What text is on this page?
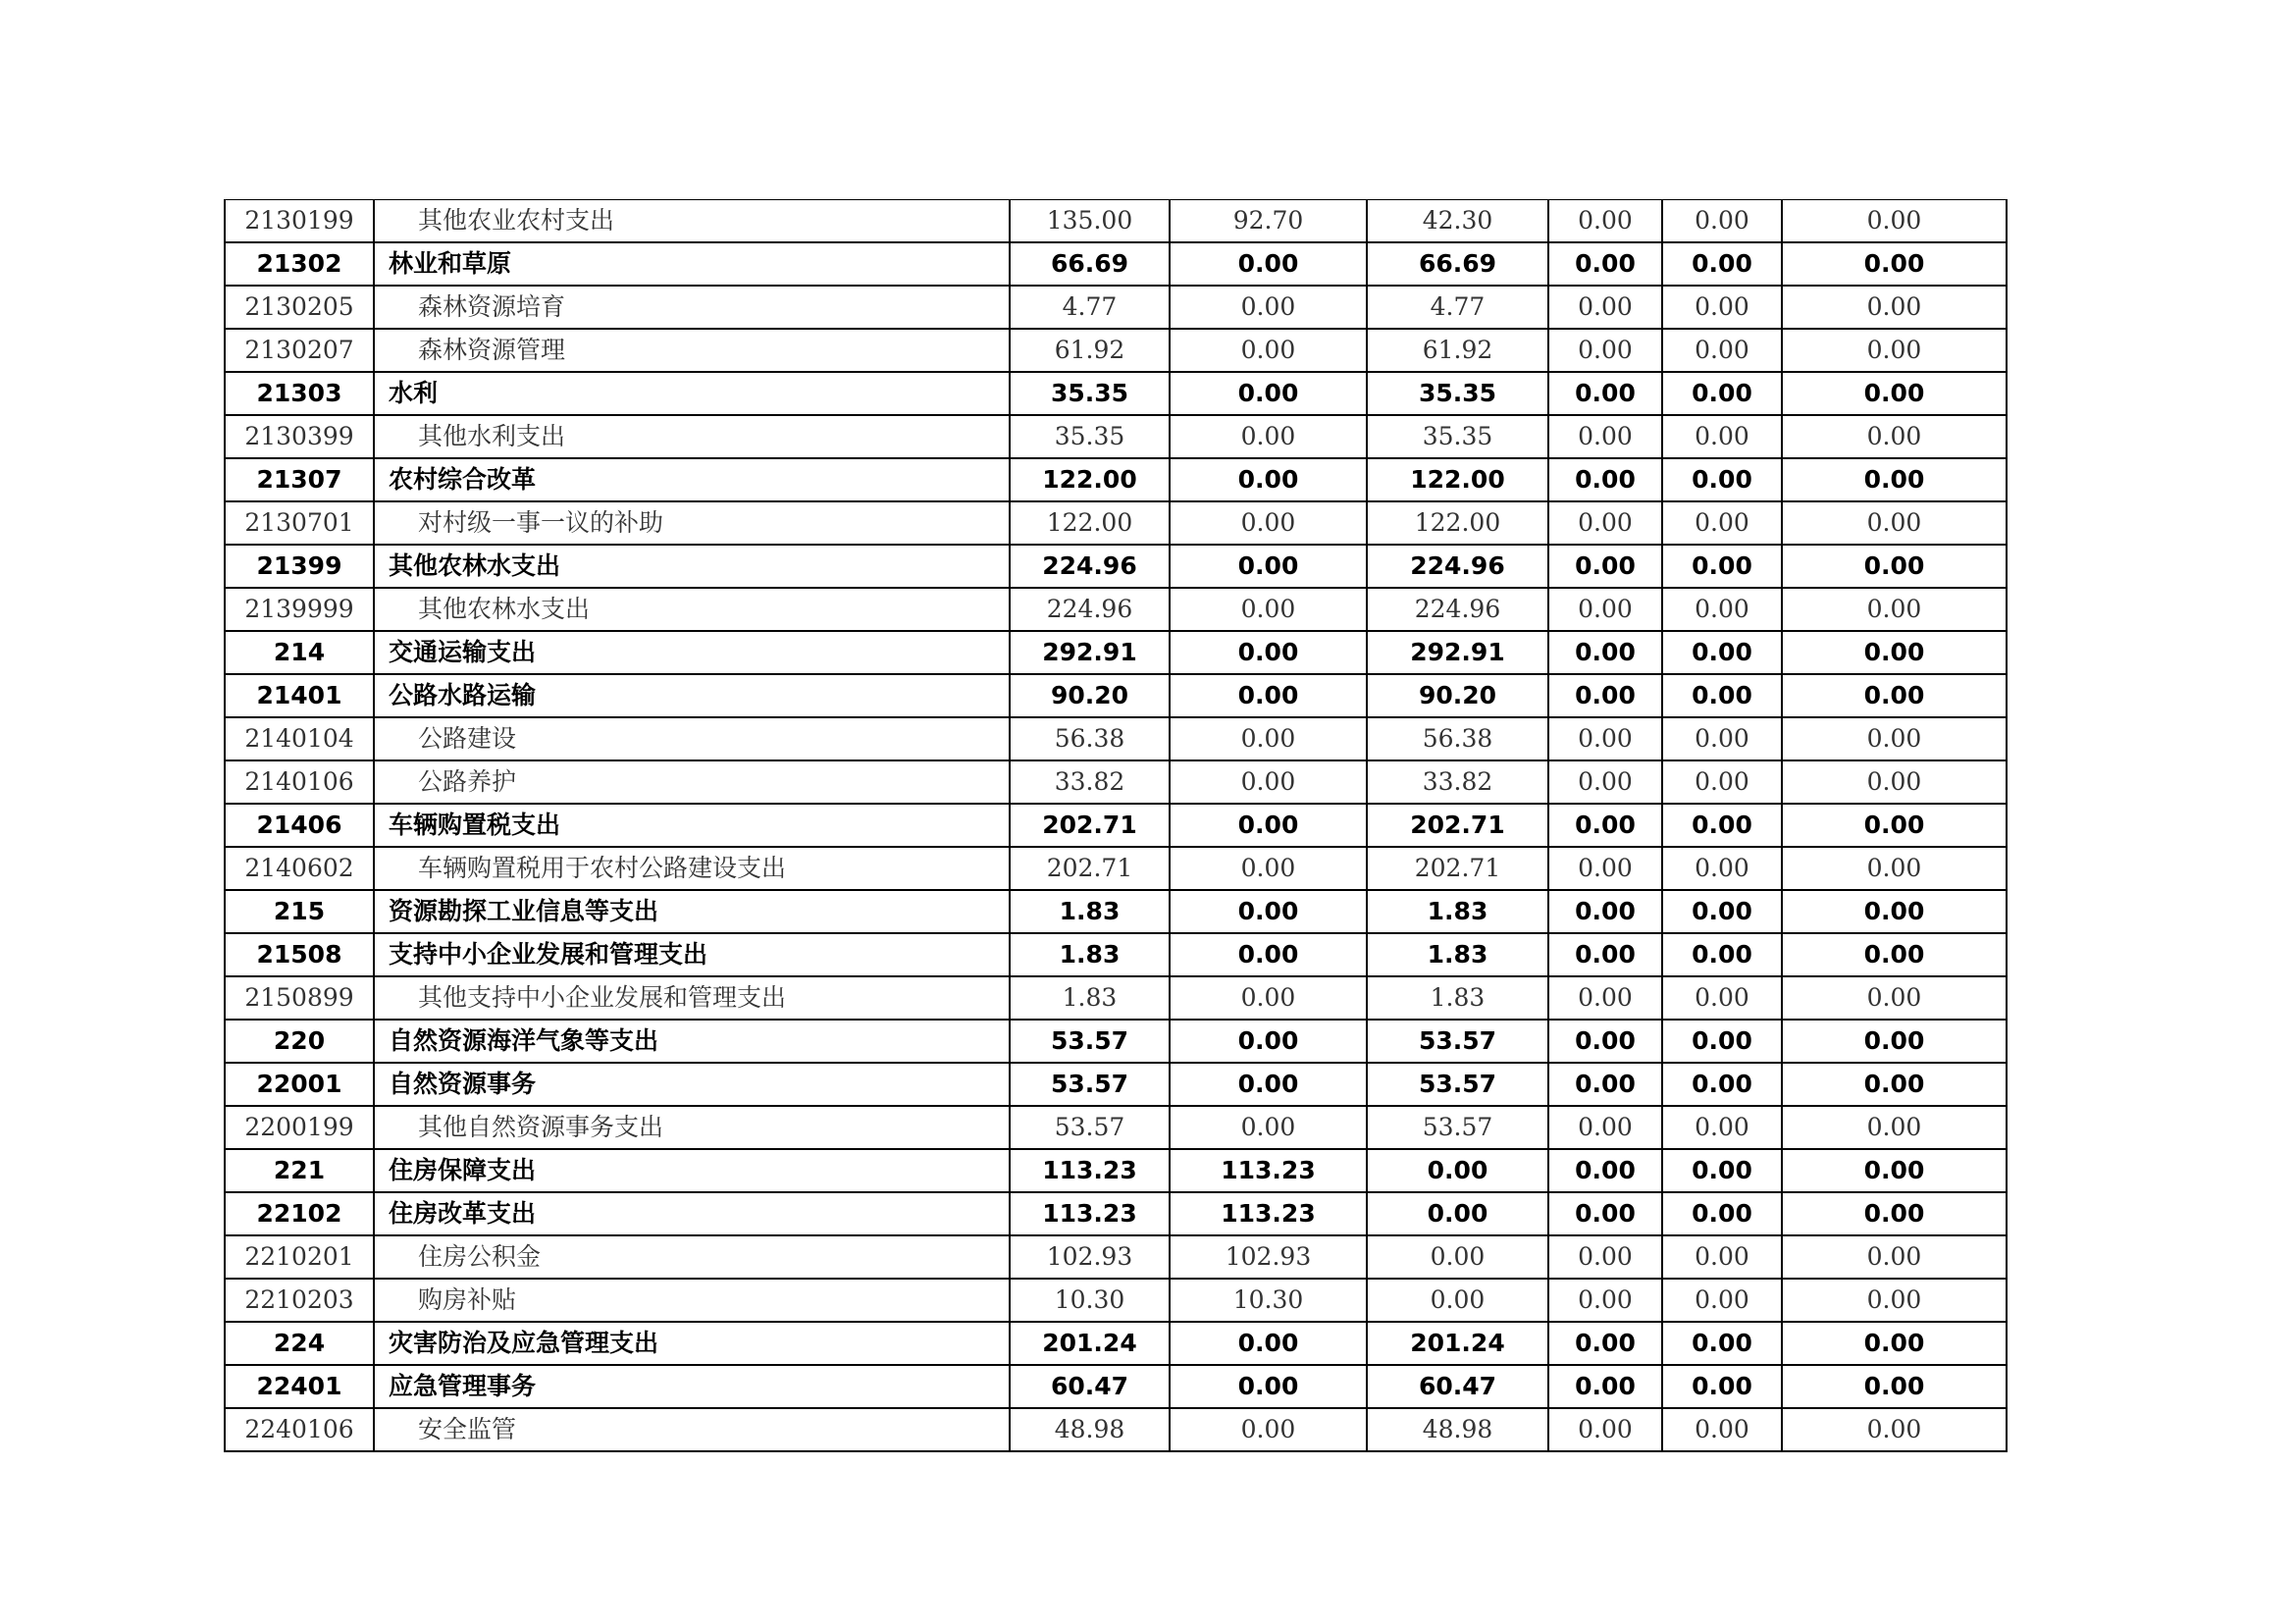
2130199	其他农业农村支出	135.00	92.70	42.30	0.00	0.00	0.00
21302	林业和草原	66.69	0.00	66.69	0.00	0.00	0.00
2130205	森林资源培育	4.77	0.00	4.77	0.00	0.00	0.00
2130207	森林资源管理	61.92	0.00	61.92	0.00	0.00	0.00
21303	水利	35.35	0.00	35.35	0.00	0.00	0.00
2130399	其他水利支出	35.35	0.00	35.35	0.00	0.00	0.00
21307	农村综合改革	122.00	0.00	122.00	0.00	0.00	0.00
2130701	对村级一事一议的补助	122.00	0.00	122.00	0.00	0.00	0.00
21399	其他农林水支出	224.96	0.00	224.96	0.00	0.00	0.00
2139999	其他农林水支出	224.96	0.00	224.96	0.00	0.00	0.00
214	交通运输支出	292.91	0.00	292.91	0.00	0.00	0.00
21401	公路水路运输	90.20	0.00	90.20	0.00	0.00	0.00
2140104	公路建设	56.38	0.00	56.38	0.00	0.00	0.00
2140106	公路养护	33.82	0.00	33.82	0.00	0.00	0.00
21406	车辆购置税支出	202.71	0.00	202.71	0.00	0.00	0.00
2140602	车辆购置税用于农村公路建设支出	202.71	0.00	202.71	0.00	0.00	0.00
215	资源勘探工业信息等支出	1.83	0.00	1.83	0.00	0.00	0.00
21508	支持中小企业发展和管理支出	1.83	0.00	1.83	0.00	0.00	0.00
2150899	其他支持中小企业发展和管理支出	1.83	0.00	1.83	0.00	0.00	0.00
220	自然资源海洋气象等支出	53.57	0.00	53.57	0.00	0.00	0.00
22001	自然资源事务	53.57	0.00	53.57	0.00	0.00	0.00
2200199	其他自然资源事务支出	53.57	0.00	53.57	0.00	0.00	0.00
221	住房保障支出	113.23	113.23	0.00	0.00	0.00	0.00
22102	住房改革支出	113.23	113.23	0.00	0.00	0.00	0.00
2210201	住房公积金	102.93	102.93	0.00	0.00	0.00	0.00
2210203	购房补贴	10.30	10.30	0.00	0.00	0.00	0.00
224	灾害防治及应急管理支出	201.24	0.00	201.24	0.00	0.00	0.00
22401	应急管理事务	60.47	0.00	60.47	0.00	0.00	0.00
2240106	安全监管	48.98	0.00	48.98	0.00	0.00	0.00
